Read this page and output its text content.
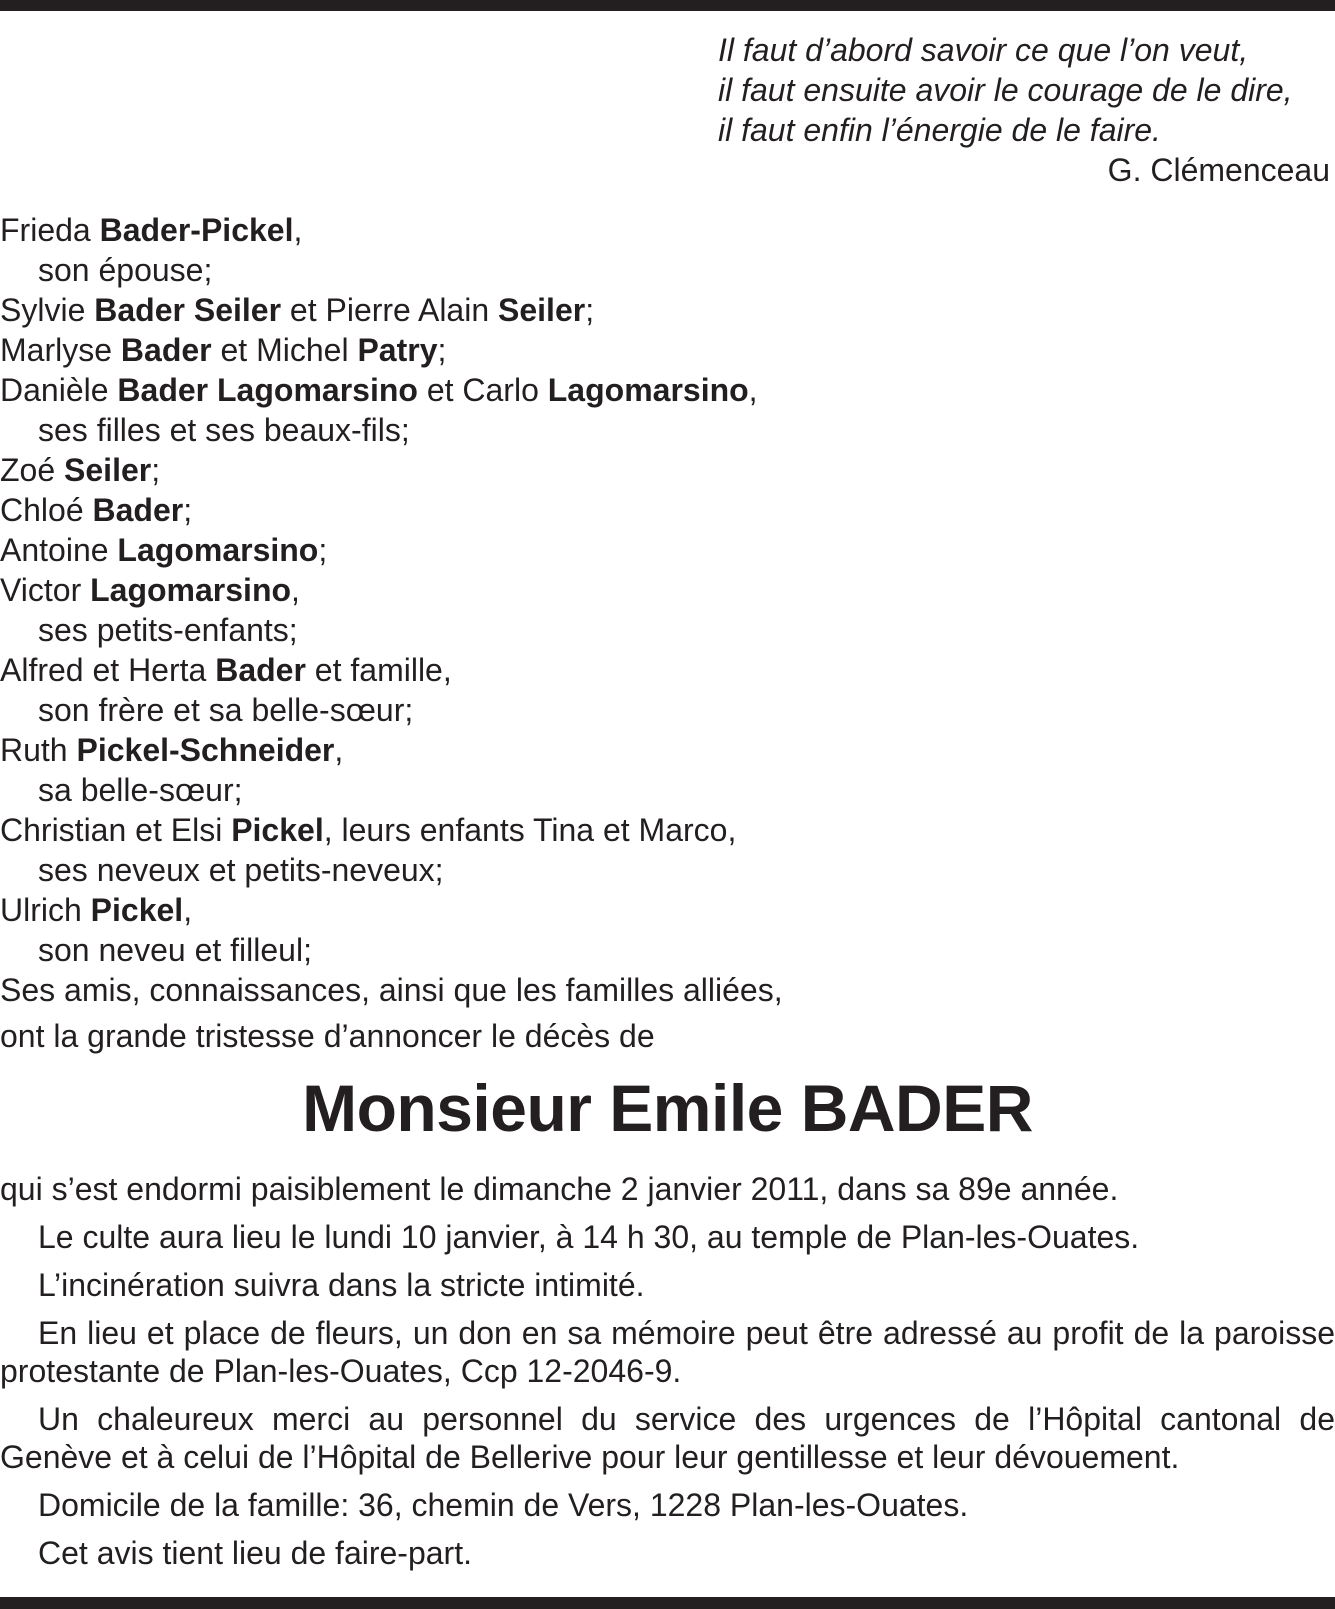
Il faut d’abord savoir ce que l’on veut,
il faut ensuite avoir le courage de le dire,
il faut enfin l’énergie de le faire.
G. Clémenceau
Frieda Bader-Pickel,
son épouse;
Sylvie Bader Seiler et Pierre Alain Seiler;
Marlyse Bader et Michel Patry;
Danièle Bader Lagomarsino et Carlo Lagomarsino,
ses filles et ses beaux-fils;
Zoé Seiler;
Chloé Bader;
Antoine Lagomarsino;
Victor Lagomarsino,
ses petits-enfants;
Alfred et Herta Bader et famille,
son frère et sa belle-sœur;
Ruth Pickel-Schneider,
sa belle-sœur;
Christian et Elsi Pickel, leurs enfants Tina et Marco,
ses neveux et petits-neveux;
Ulrich Pickel,
son neveu et filleul;
Ses amis, connaissances, ainsi que les familles alliées,
ont la grande tristesse d’annoncer le décès de
Monsieur Emile BADER

qui s’est endormi paisiblement le dimanche 2 janvier 2011, dans sa 89e année.

Le culte aura lieu le lundi 10 janvier, à 14 h 30, au temple de Plan-les-Ouates.

L’incinération suivra dans la stricte intimité.

En lieu et place de fleurs, un don en sa mémoire peut être adressé au profit de la paroisse protestante de Plan-les-Ouates, Ccp 12-2046-9.

Un chaleureux merci au personnel du service des urgences de l’Hôpital cantonal de Genève et à celui de l’Hôpital de Bellerive pour leur gentillesse et leur dévouement.

Domicile de la famille: 36, chemin de Vers, 1228 Plan-les-Ouates.

Cet avis tient lieu de faire-part.
